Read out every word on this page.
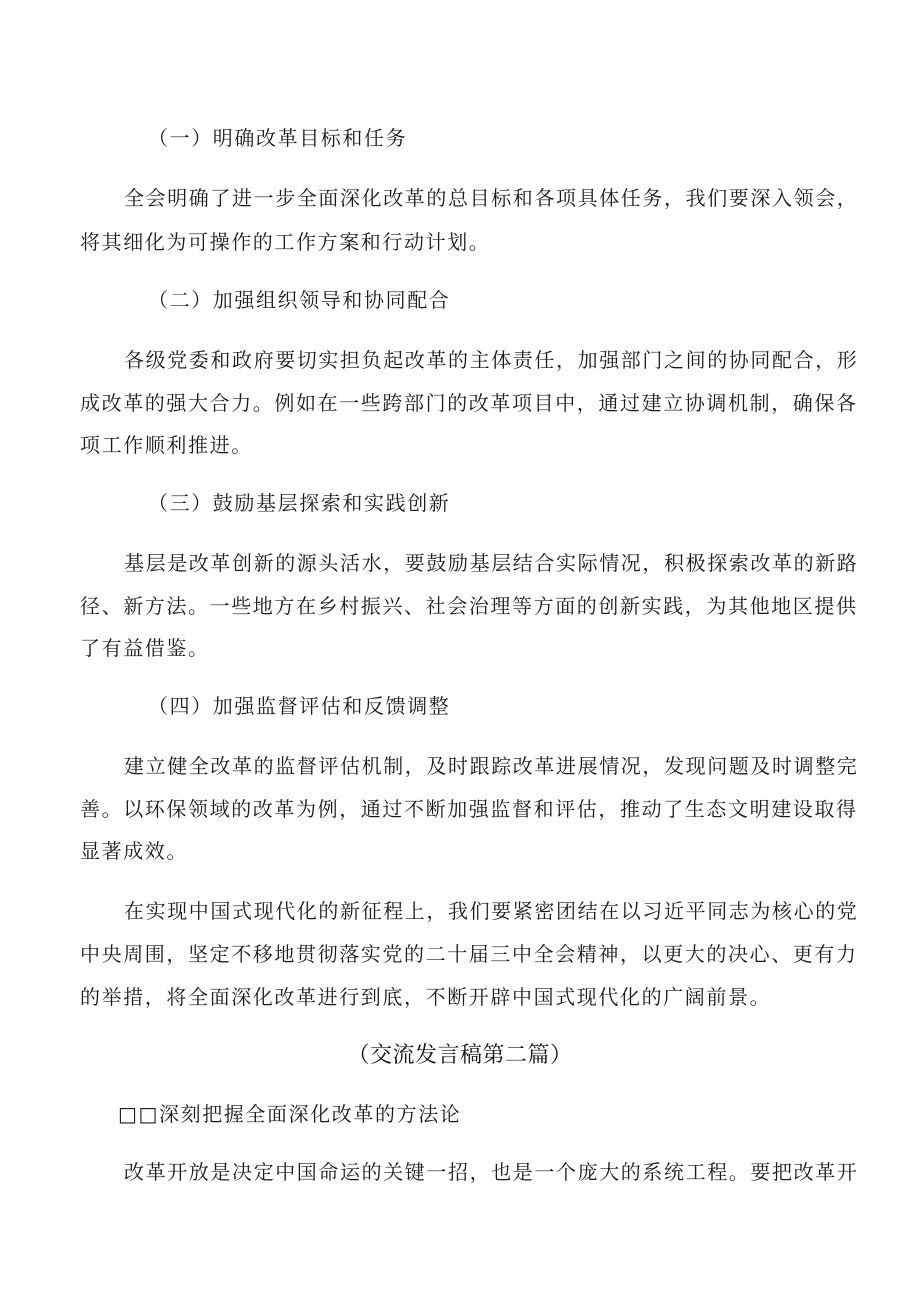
（一）明确改革目标和任务
全会明确了进一步全面深化改革的总目标和各项具体任务，我们要深入领会，
将其细化为可操作的工作方案和行动计划。
（二）加强组织领导和协同配合
各级党委和政府要切实担负起改革的主体责任，加强部门之间的协同配合，形
成改革的强大合力。例如在一些跨部门的改革项目中，通过建立协调机制，确保各
项工作顺利推进。
（三）鼓励基层探索和实践创新
基层是改革创新的源头活水，要鼓励基层结合实际情况，积极探索改革的新路
径、新方法。一些地方在乡村振兴、社会治理等方面的创新实践，为其他地区提供
了有益借鉴。
（四）加强监督评估和反馈调整
建立健全改革的监督评估机制，及时跟踪改革进展情况，发现问题及时调整完
善。以环保领域的改革为例，通过不断加强监督和评估，推动了生态文明建设取得
显著成效。
在实现中国式现代化的新征程上，我们要紧密团结在以习近平同志为核心的党
中央周围，坚定不移地贯彻落实党的二十届三中全会精神，以更大的决心、更有力
的举措，将全面深化改革进行到底，不断开辟中国式现代化的广阔前景。
（交流发言稿第二篇）
□□深刻把握全面深化改革的方法论
改革开放是决定中国命运的关键一招，也是一个庞大的系统工程。要把改革开
